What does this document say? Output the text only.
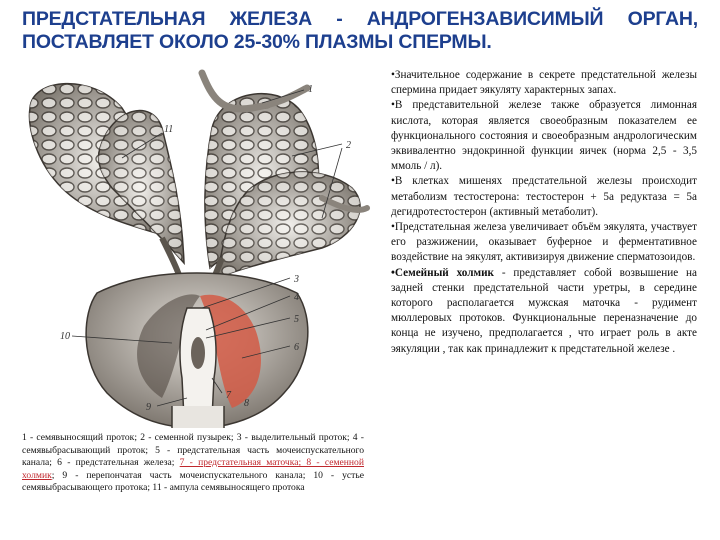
ПРЕДСТАТЕЛЬНАЯ ЖЕЛЕЗА - АНДРОГЕНЗАВИСИМЫЙ ОРГАН,
ПОСТАВЛЯЕТ ОКОЛО 25-30% ПЛАЗМЫ СПЕРМЫ.
1
2
3
4
5
6
7
8
9
10
11

1 - семявыносящий проток; 2 - семенной пузырек; 3 - выделительный проток; 4 - семявыбрасывающий проток; 5 - предстательная часть мочеиспускательного канала; 6 - предстательная железа; 7 - предстательная маточка; 8 - семенной холмик; 9 - перепончатая часть мочеиспускательного канала; 10 - устье семявыбрасывающего протока; 11 - ампула семявыносящего протока

•Значительное содержание в секрете предстательной железы спермина придает эякуляту характерных запах.

•В представительной железе также образуется лимонная кислота, которая является своеобразным показателем ее функционального состояния и своеобразным андрологическим эквивалентно эндокринной функции яичек (норма 2,5 - 3,5 ммоль / л).

•В клетках мишенях предстательной железы происходит метаболизм тестостерона: тестостерон + 5а редуктаза = 5а дегидротестостерон (активный метаболит).

•Предстательная железа увеличивает объём эякулята, участвует его разжижении, оказывает буферное и ферментативное воздействие на эякулят, активизируя движение сперматозоидов.

•Семейный холмик - представляет собой возвышение на задней стенки предстательной части уретры, в середине которого располагается мужская маточка - рудимент мюллеровых протоков. Функциональные переназначение до конца не изучено, предполагается , что играет роль в акте эякуляции , так как принадлежит к предстательной железе .
